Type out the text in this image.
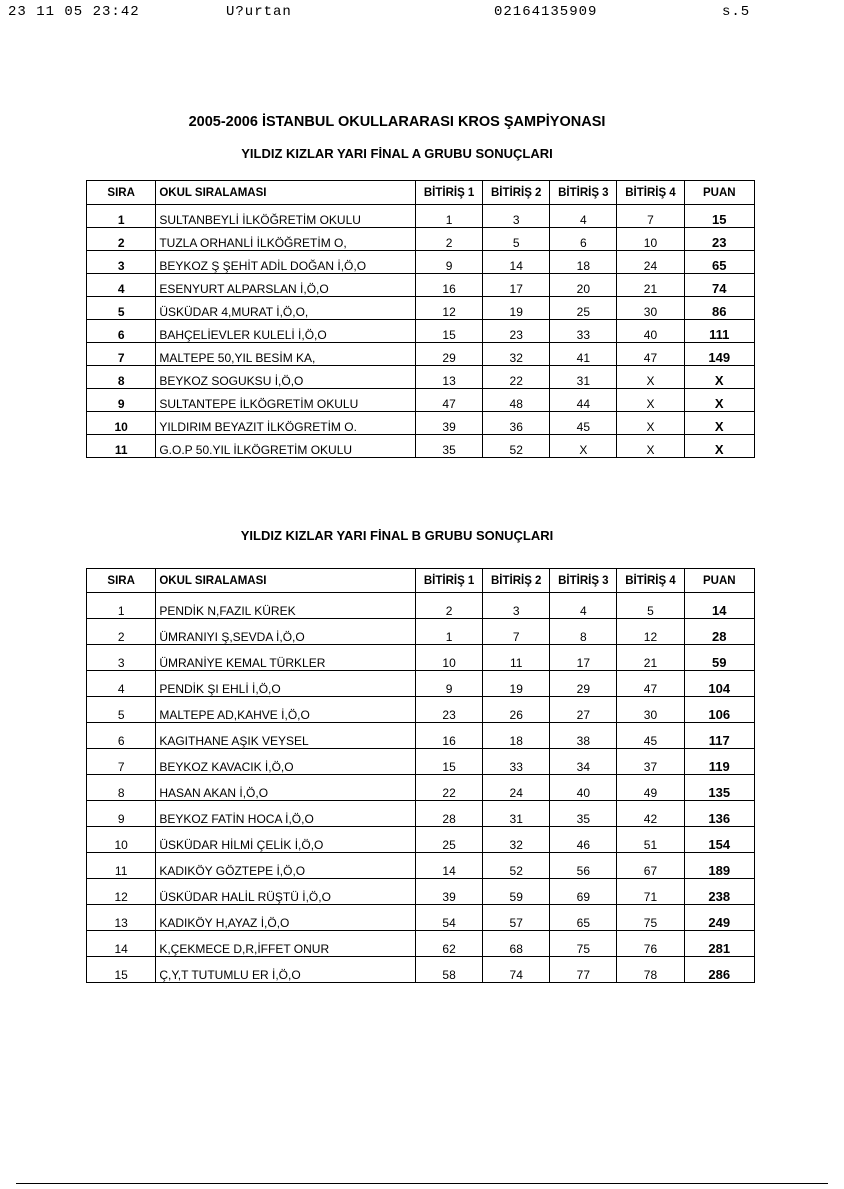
23 11 05 23:42	U?urtan	02164135909	s.5
2005-2006 İSTANBUL OKULLARARASI KROS ŞAMPİYONASI
YILDIZ KIZLAR YARI FİNAL A GRUBU SONUÇLARI
SIRA	OKUL SIRALAMASI	BİTİRİŞ 1	BİTİRİŞ 2	BİTİRİŞ 3	BİTİRİŞ 4	PUAN
1	SULTANBEYLİ İLKÖĞRETİM OKULU	1	3	4	7	15
2	TUZLA ORHANLİ İLKÖĞRETİM O,	2	5	6	10	23
3	BEYKOZ Ş ŞEHİT ADİL DOĞAN İ,Ö,O	9	14	18	24	65
4	ESENYURT ALPARSLAN İ,Ö,O	16	17	20	21	74
5	ÜSKÜDAR 4,MURAT İ,Ö,O,	12	19	25	30	86
6	BAHÇELİEVLER KULELİ İ,Ö,O	15	23	33	40	111
7	MALTEPE 50,YIL BESİM KA,	29	32	41	47	149
8	BEYKOZ SOGUKSU İ,Ö,O	13	22	31	X	X
9	SULTANTEPE İLKÖGRETİM OKULU	47	48	44	X	X
10	YILDIRIM BEYAZIT İLKÖGRETİM O.	39	36	45	X	X
11	G.O.P 50.YIL İLKÖGRETİM OKULU	35	52	X	X	X
YILDIZ KIZLAR YARI FİNAL B GRUBU SONUÇLARI
SIRA	OKUL SIRALAMASI	BİTİRİŞ 1	BİTİRİŞ 2	BİTİRİŞ 3	BİTİRİŞ 4	PUAN
1	PENDİK N,FAZIL KÜREK	2	3	4	5	14
2	ÜMRANIYI Ş,SEVDA İ,Ö,O	1	7	8	12	28
3	ÜMRANİYE KEMAL TÜRKLER	10	11	17	21	59
4	PENDİK ŞI EHLİ İ,Ö,O	9	19	29	47	104
5	MALTEPE AD,KAHVE İ,Ö,O	23	26	27	30	106
6	KAGITHANE AŞIK VEYSEL	16	18	38	45	117
7	BEYKOZ KAVACIK İ,Ö,O	15	33	34	37	119
8	HASAN AKAN İ,Ö,O	22	24	40	49	135
9	BEYKOZ FATİN HOCA İ,Ö,O	28	31	35	42	136
10	ÜSKÜDAR HİLMİ ÇELİK İ,Ö,O	25	32	46	51	154
11	KADIKÖY GÖZTEPE İ,Ö,O	14	52	56	67	189
12	ÜSKÜDAR HALİL RÜŞTÜ İ,Ö,O	39	59	69	71	238
13	KADIKÖY H,AYAZ İ,Ö,O	54	57	65	75	249
14	K,ÇEKMECE D,R,İFFET ONUR	62	68	75	76	281
15	Ç,Y,T TUTUMLU ER İ,Ö,O	58	74	77	78	286
